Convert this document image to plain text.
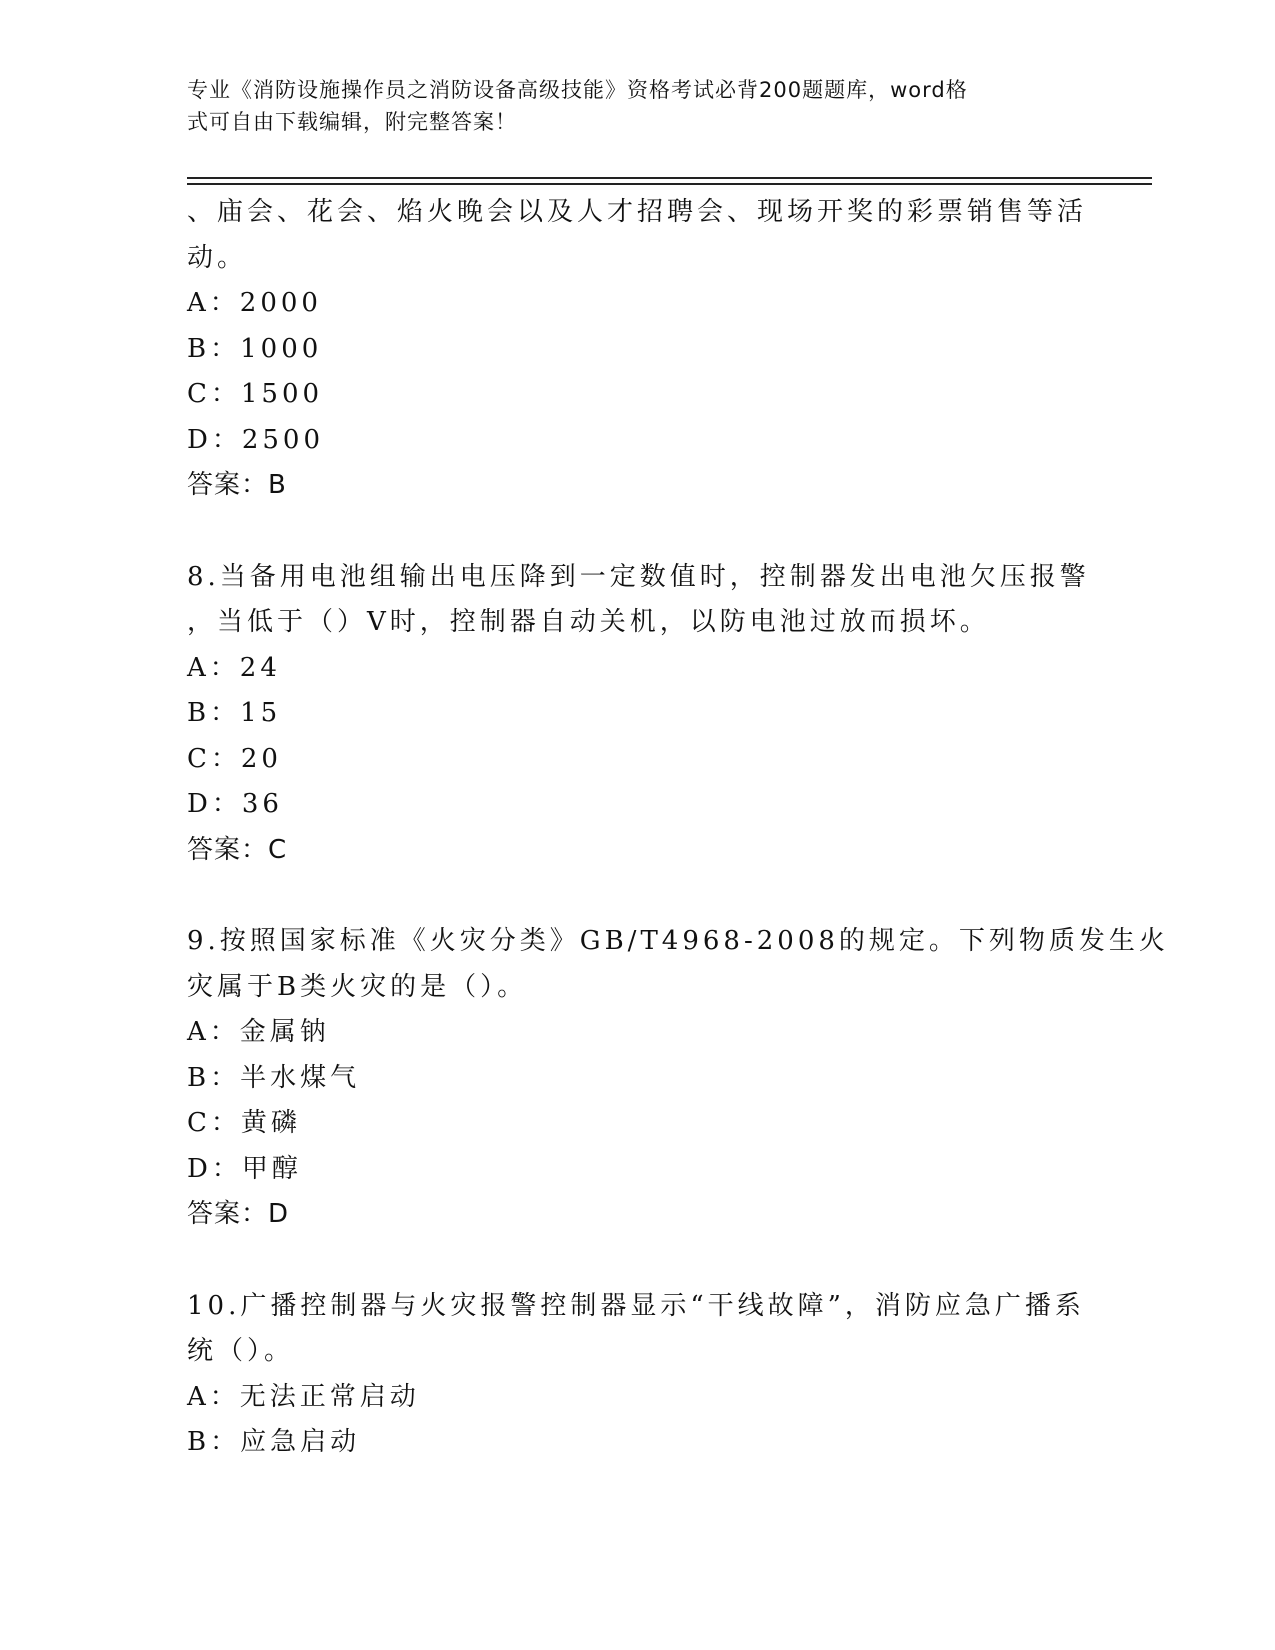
专业《消防设施操作员之消防设备高级技能》资格考试必背200题题库，word格
式可自由下载编辑，附完整答案！
、庙会、花会、焰火晚会以及人才招聘会、现场开奖的彩票销售等活
动。
A：2000
B：1000
C：1500
D：2500
答案：B
8.当备用电池组输出电压降到一定数值时，控制器发出电池欠压报警
，当低于（）V时，控制器自动关机，以防电池过放而损坏。
A：24
B：15
C：20
D：36
答案：C
9.按照国家标准《火灾分类》GB/T4968-2008的规定。下列物质发生火
灾属于B类火灾的是（）。
A：金属钠
B：半水煤气
C：黄磷
D：甲醇
答案：D
10.广播控制器与火灾报警控制器显示“干线故障”，消防应急广播系
统（）。
A：无法正常启动
B：应急启动
